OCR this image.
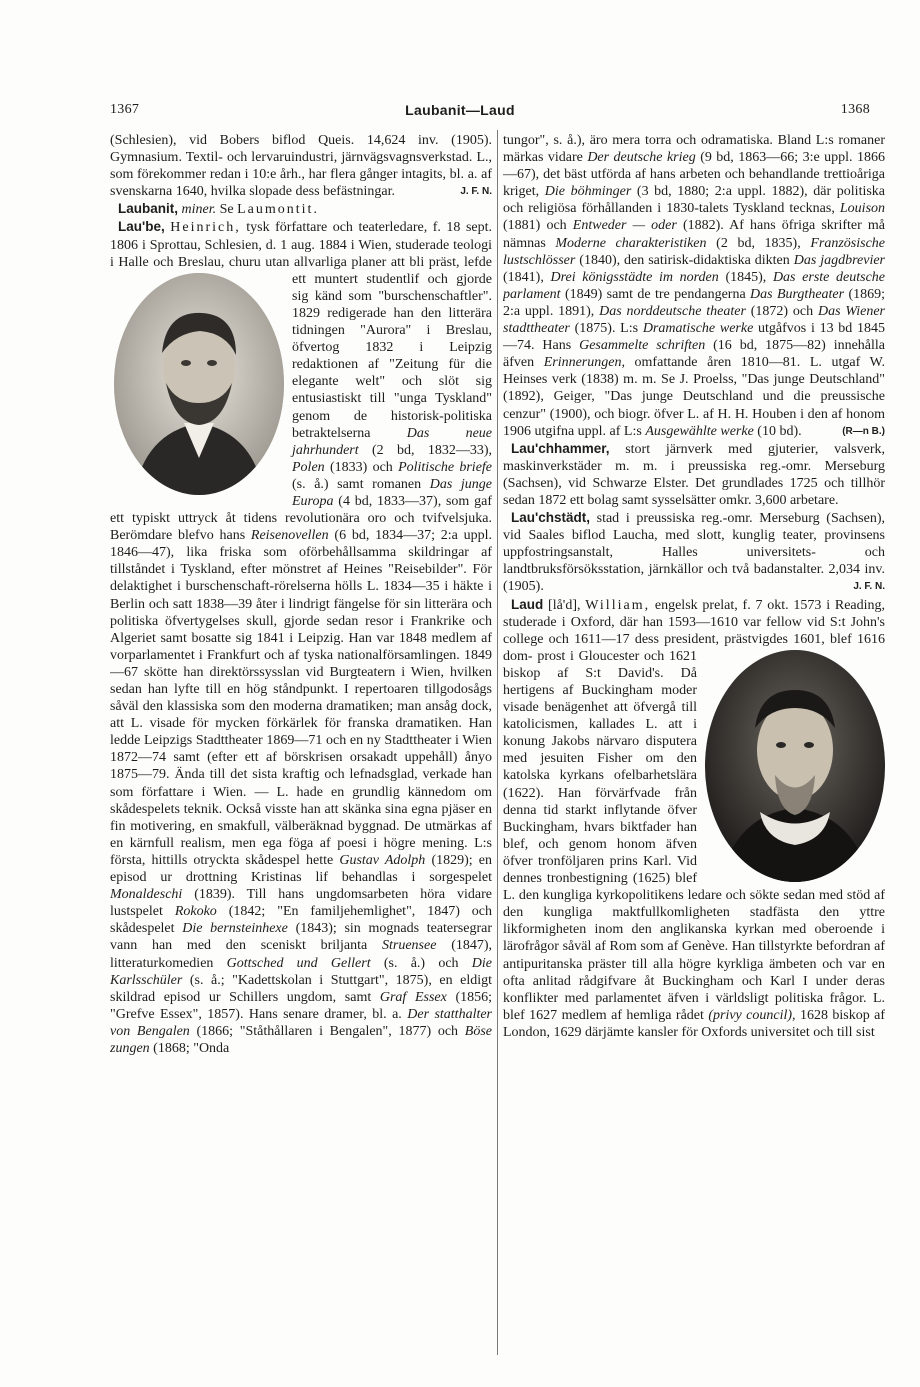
1367	Laubanit—Laud	1368

(Schlesien), vid Bobers biflod Queis. 14,624 inv. (1905). Gymnasium. Textil- och lervaruindustri, järnvägsvagnsverkstad. L., som förekommer redan i 10:e årh., har flera gånger intagits, bl. a. af svenskarna 1640, hvilka slopade dess befästningar.	J. F. N.

Laubanit, miner. Se Laumontit.

Lau'be, Heinrich, tysk författare och teaterledare, f. 18 sept. 1806 i Sprottau, Schlesien, d. 1 aug. 1884 i Wien, studerade teologi i Halle och Breslau, churu utan allvarliga planer att bli präst, lefde ett muntert studentlif och gjorde sig känd som "burschenschaftler". 1829 redigerade han den litterära tidningen "Aurora" i Breslau, öfvertog 1832 i Leipzig redaktionen af "Zeitung für die elegante welt" och slöt sig entusiastiskt till "unga Tyskland" genom de historisk-politiska betraktelserna	Das neue jahrhundert (2 bd, 1832—33), Polen (1833) och Politische briefe (s. å.) samt romanen Das junge Europa (4 bd, 1833—37), som gaf ett typiskt uttryck åt tidens revolutionära oro och tvifvelsjuka. Berömdare blefvo hans Reisenovellen (6 bd, 1834—37; 2:a uppl. 1846—47), lika friska som oförbehållsamma skildringar af tillståndet i Tyskland, efter mönstret af Heines "Reisebilder". För delaktighet i burschenschaft-rörelserna hölls L. 1834—35 i häkte i Berlin och satt 1838—39 åter i lindrigt fängelse för sin litterära och politiska öfvertygelses skull, gjorde sedan resor i Frankrike och Algeriet samt bosatte sig 1841 i Leipzig. Han var 1848 medlem af vorparlamentet i Frankfurt och af tyska nationalförsamlingen. 1849—67 skötte han direktörssysslan vid Burgteatern i Wien, hvilken sedan han lyfte till en hög ståndpunkt. I repertoaren tillgodosågs såväl den klassiska som den moderna dramatiken; man ansåg dock, att L. visade för mycken förkärlek för franska dramatiken. Han ledde Leipzigs Stadttheater 1869—71 och en ny Stadttheater i Wien 1872—74 samt (efter ett af börskrisen orsakadt uppehåll) ånyo 1875—79. Ända till det sista kraftig och lefnadsglad, verkade han som författare i Wien. — L. hade en grundlig kännedom om skådespelets teknik. Också visste han att skänka sina egna pjäser en fin motivering, en smakfull, välberäknad byggnad. De utmärkas af en kärnfull realism, men ega föga af poesi i högre mening. L:s första, hittills otryckta skådespel hette Gustav Adolph (1829); en episod ur drottning Kristinas lif behandlas i sorgespelet Monaldeschi (1839). Till hans ungdomsarbeten höra vidare lustspelet Rokoko (1842; "En familjehemlighet", 1847) och skådespelet Die bernsteinhexe (1843); sin mognads teatersegrar vann han med den sceniskt briljanta Struensee (1847), litteraturkomedien Gottsched und Gellert (s. å.) och Die Karlsschüler (s. å.; "Kadettskolan i Stuttgart", 1875), en eldigt skildrad episod ur Schillers ungdom, samt Graf Essex (1856; "Grefve Essex", 1857). Hans senare dramer, bl. a. Der statthalter von Bengalen (1866; "Ståthållaren i Bengalen", 1877) och Böse zungen (1868; "Onda

tungor", s. å.), äro mera torra och odramatiska. Bland L:s romaner märkas vidare Der deutsche krieg (9 bd, 1863—66; 3:e uppl. 1866—67), det bäst utförda af hans arbeten och behandlande trettioåriga kriget, Die böhminger (3 bd, 1880; 2:a uppl. 1882), där politiska och religiösa förhållanden i 1830-talets Tyskland tecknas, Louison (1881) och Entweder — oder (1882). Af hans öfriga skrifter må nämnas Moderne charakteristiken (2 bd, 1835), Französische lustschlösser (1840), den satirisk-didaktiska dikten Das jagdbrevier (1841), Drei königsstädte im norden (1845), Das erste deutsche parlament (1849) samt de tre pendangerna Das Burgtheater (1869; 2:a uppl. 1891), Das norddeutsche theater (1872) och Das Wiener stadttheater (1875). L:s Dramatische werke utgåfvos i 13 bd 1845—74. Hans Gesammelte schriften (16 bd, 1875—82) innehålla äfven Erinnerungen, omfattande åren 1810—81. L. utgaf W. Heinses verk (1838) m. m. Se J. Proelss, "Das junge Deutschland" (1892), Geiger, "Das junge Deutschland und die preussische cenzur" (1900), och biogr. öfver L. af H. H. Houben i den af honom 1906 utgifna uppl. af L:s Ausgewählte werke (10 bd).	(R—n B.)

Lau'chhammer, stort järnverk med gjuterier, valsverk, maskinverkstäder m. m. i preussiska reg.-omr. Merseburg (Sachsen), vid Schwarze Elster. Det grundlades 1725 och tillhör sedan 1872 ett bolag samt sysselsätter omkr. 3,600 arbetare.

Lau'chstädt, stad i preussiska reg.-omr. Merseburg (Sachsen), vid Saales biflod Laucha, med slott, kunglig teater, provinsens uppfostringsanstalt, Halles universitets- och landtbruksförsöksstation, järnkällor och två badanstalter. 2,034 inv. (1905).	J. F. N.

Laud [lå'd], William, engelsk prelat, f. 7 okt. 1573 i Reading, studerade i Oxford, där han 1593—1610 var fellow vid S:t John's college och 1611—17 dess president, prästvigdes 1601, blef 1616 dom- prost i Gloucester och 1621 biskop af S:t David's. Då hertigens af Buckingham moder visade benägenhet att öfvergå till katolicismen, kallades L. att i konung Jakobs närvaro disputera med jesuiten Fisher om den katolska kyrkans ofelbarhetslära (1622). Han förvärfvade från denna tid starkt inflytande öfver Buckingham, hvars biktfader han blef, och genom honom äfven öfver tronföljaren prins Karl. Vid dennes tronbestigning (1625) blef L. den kungliga kyrkopolitikens ledare och sökte sedan med stöd af den kungliga maktfullkomligheten stadfästa den yttre likformigheten inom den anglikanska kyrkan med oberoende i lärofrågor såväl af Rom som af Genève. Han tillstyrkte befordran af antipuritanska präster till alla högre kyrkliga ämbeten och var en ofta anlitad rådgifvare åt Buckingham och Karl I under deras konflikter med parlamentet äfven i världsligt politiska frågor. L. blef 1627 medlem af hemliga rådet (privy council), 1628 biskop af London, 1629 därjämte kansler för Oxfords universitet och till sist
